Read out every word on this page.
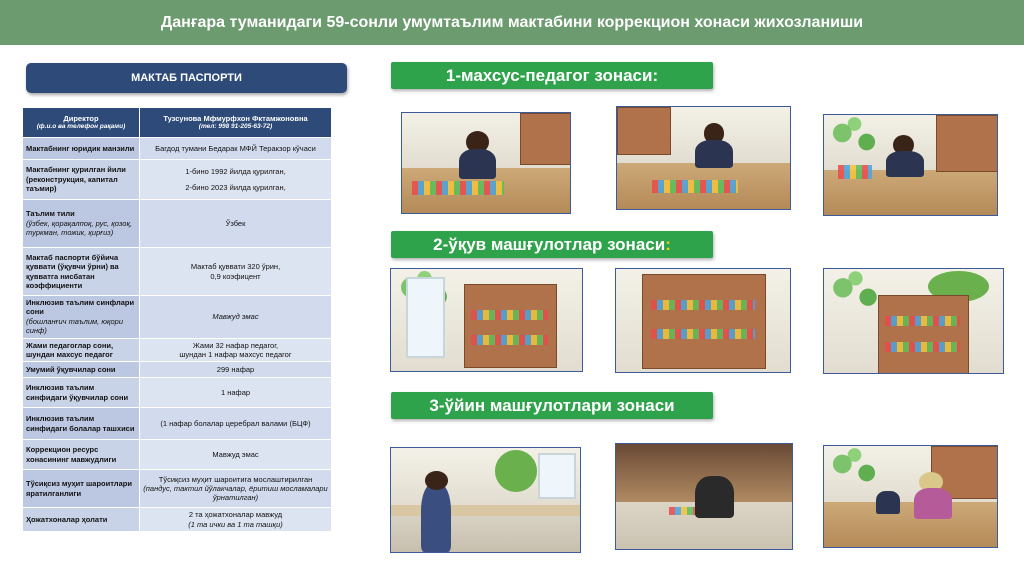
Данғара туманидаги 59-сонли умумтаълим мактабини коррекцион хонаси жихозланиши
МАКТАБ ПАСПОРТИ
Директор
(ф.и.о ва телефон рақами)	Тузсунова Мфмурфхон Фктамжоновна
(тел: 998 91-205-63-72)

Мактабнинг юридик манзили	Багдод тумани Бедарак МФЙ Теракзор кўчаси
Мактабнинг қурилган йили (реконструкция, капитал таъмир)	1-бино 1992 йилда қурилган,
2-бино 2023 йилда қурилган,

Таълим тили
(ўзбек, қорақалпоқ, рус, қозоқ, туркман, тожик, қирғиз)	Ўзбек
Мактаб паспорти бўйича қуввати (ўқувчи ўрни) ва қувватга нисбатан коэффициенти	Мактаб қуввати 320 ўрин,
0,9 коэфицент

Инклюзив таълим синфлари сони
(бошланғич таълим, юқори синф)	Мавжуд эмас
Жами педагоглар сони, шундан махсус педагог	Жами 32 нафар педагог,
шундан 1 нафар махсус педагог

Умумий ўқувчилар сони	299 нафар
Инклюзив таълим синфидаги ўқувчилар сони	1 нафар
Инклюзив таълим синфидаги болалар ташхиси	(1 нафар болалар церебрал валами (БЦФ)
Коррекцион ресурс хонасининг мавжудлиги	Мавжуд эмас
Тўсиқсиз муҳит шароитлари яратилганлиги	Тўсиқсиз муҳит шароитига мослаштирилган
(пандус, тактил йўлакчалар, ёритиш мосламалари ўрнатилган)

Ҳожатхоналар ҳолати	2 та ҳожатхоналар мавжуд
(1 та ички ва 1 та ташқи)
1-махсус-педагог зонаси:
2-ўқув машғулотлар зонаси :
3-ўйин машғулотлари зонаси
